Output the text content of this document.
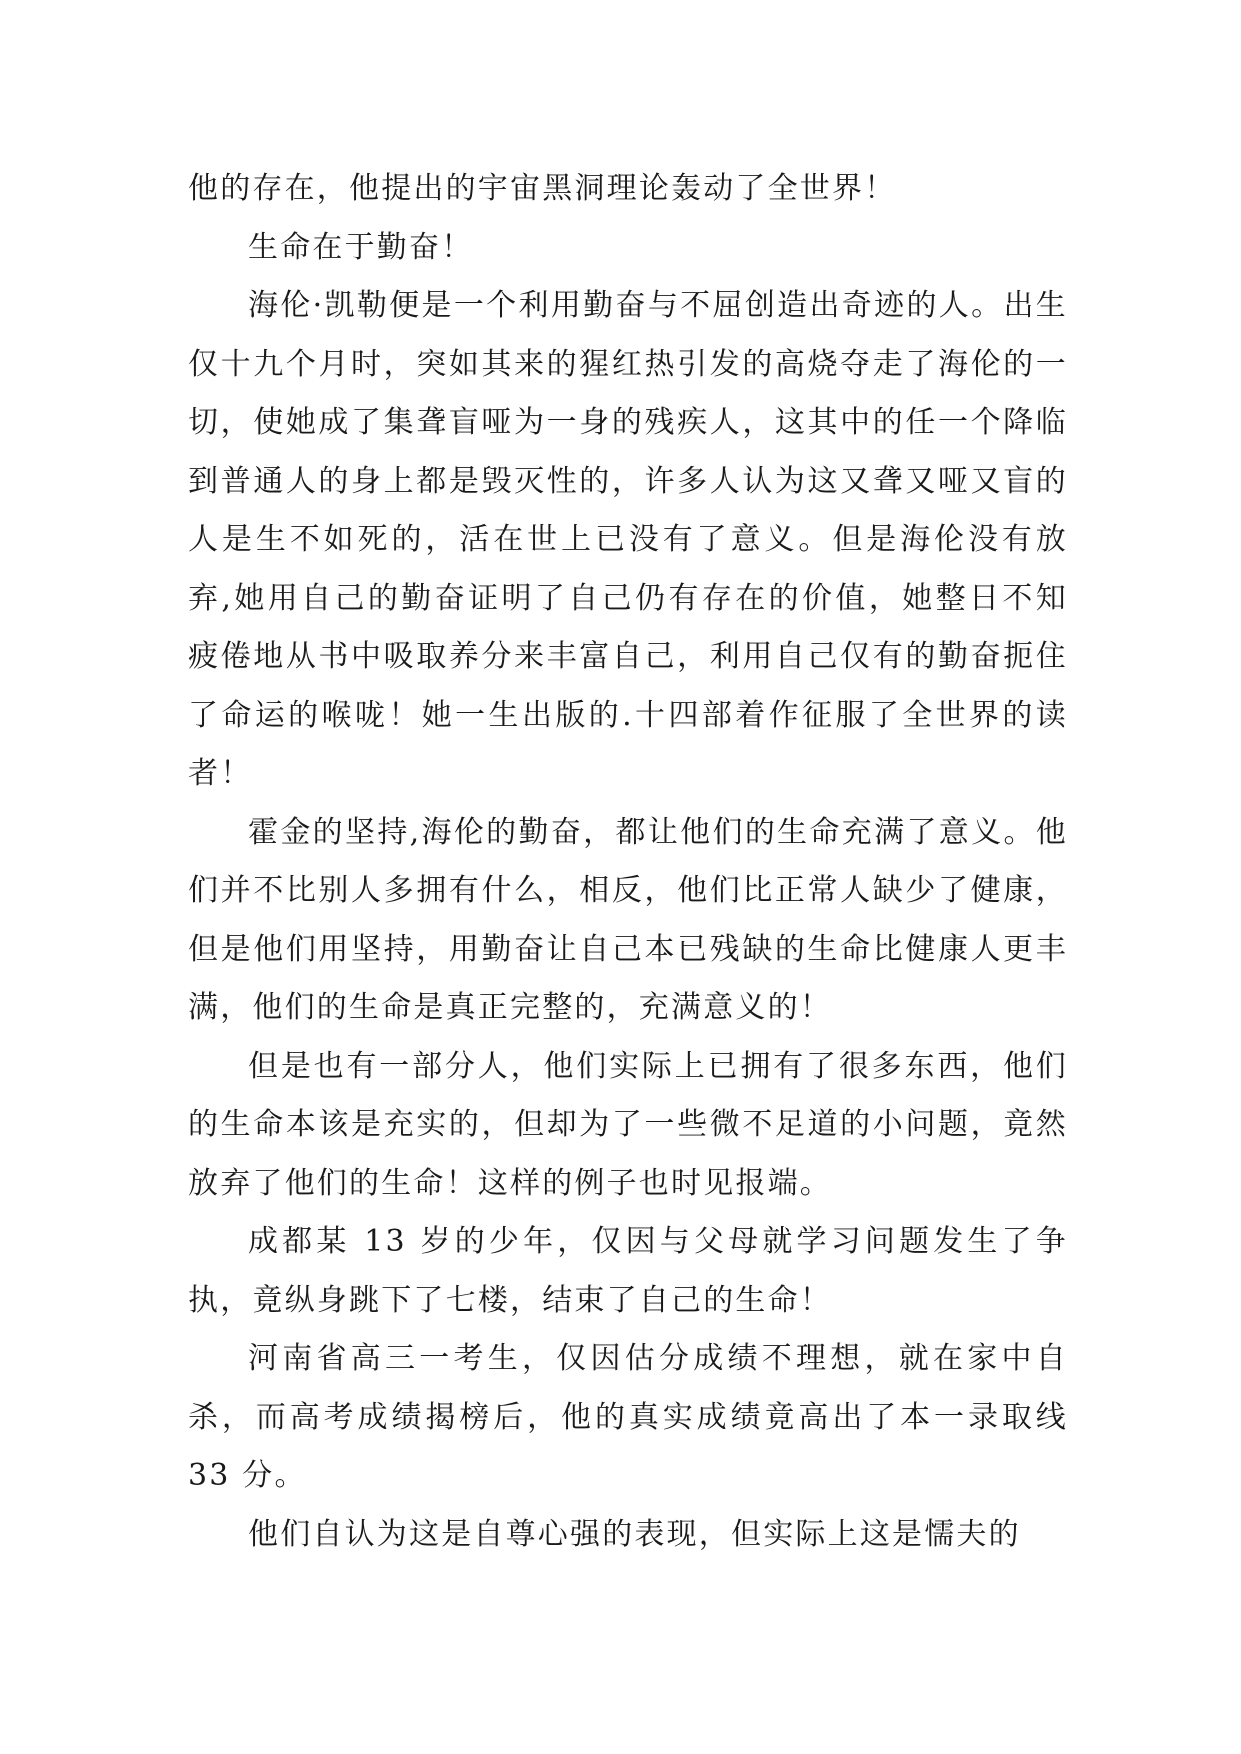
他的存在，他提出的宇宙黑洞理论轰动了全世界！

生命在于勤奋！

海伦·凯勒便是一个利用勤奋与不屈创造出奇迹的人。出生仅十九个月时，突如其来的猩红热引发的高烧夺走了海伦的一切，使她成了集聋盲哑为一身的残疾人，这其中的任一个降临到普通人的身上都是毁灭性的，许多人认为这又聋又哑又盲的人是生不如死的，活在世上已没有了意义。但是海伦没有放弃,她用自己的勤奋证明了自己仍有存在的价值，她整日不知疲倦地从书中吸取养分来丰富自己，利用自己仅有的勤奋扼住了命运的喉咙！她一生出版的.十四部着作征服了全世界的读者！

霍金的坚持,海伦的勤奋，都让他们的生命充满了意义。他们并不比别人多拥有什么，相反，他们比正常人缺少了健康，但是他们用坚持，用勤奋让自己本已残缺的生命比健康人更丰满，他们的生命是真正完整的，充满意义的！

但是也有一部分人，他们实际上已拥有了很多东西，他们的生命本该是充实的，但却为了一些微不足道的小问题，竟然放弃了他们的生命！这样的例子也时见报端。

成都某 13 岁的少年，仅因与父母就学习问题发生了争执，竟纵身跳下了七楼，结束了自己的生命！

河南省高三一考生，仅因估分成绩不理想，就在家中自杀，而高考成绩揭榜后，他的真实成绩竟高出了本一录取线 33 分。

他们自认为这是自尊心强的表现，但实际上这是懦夫的
